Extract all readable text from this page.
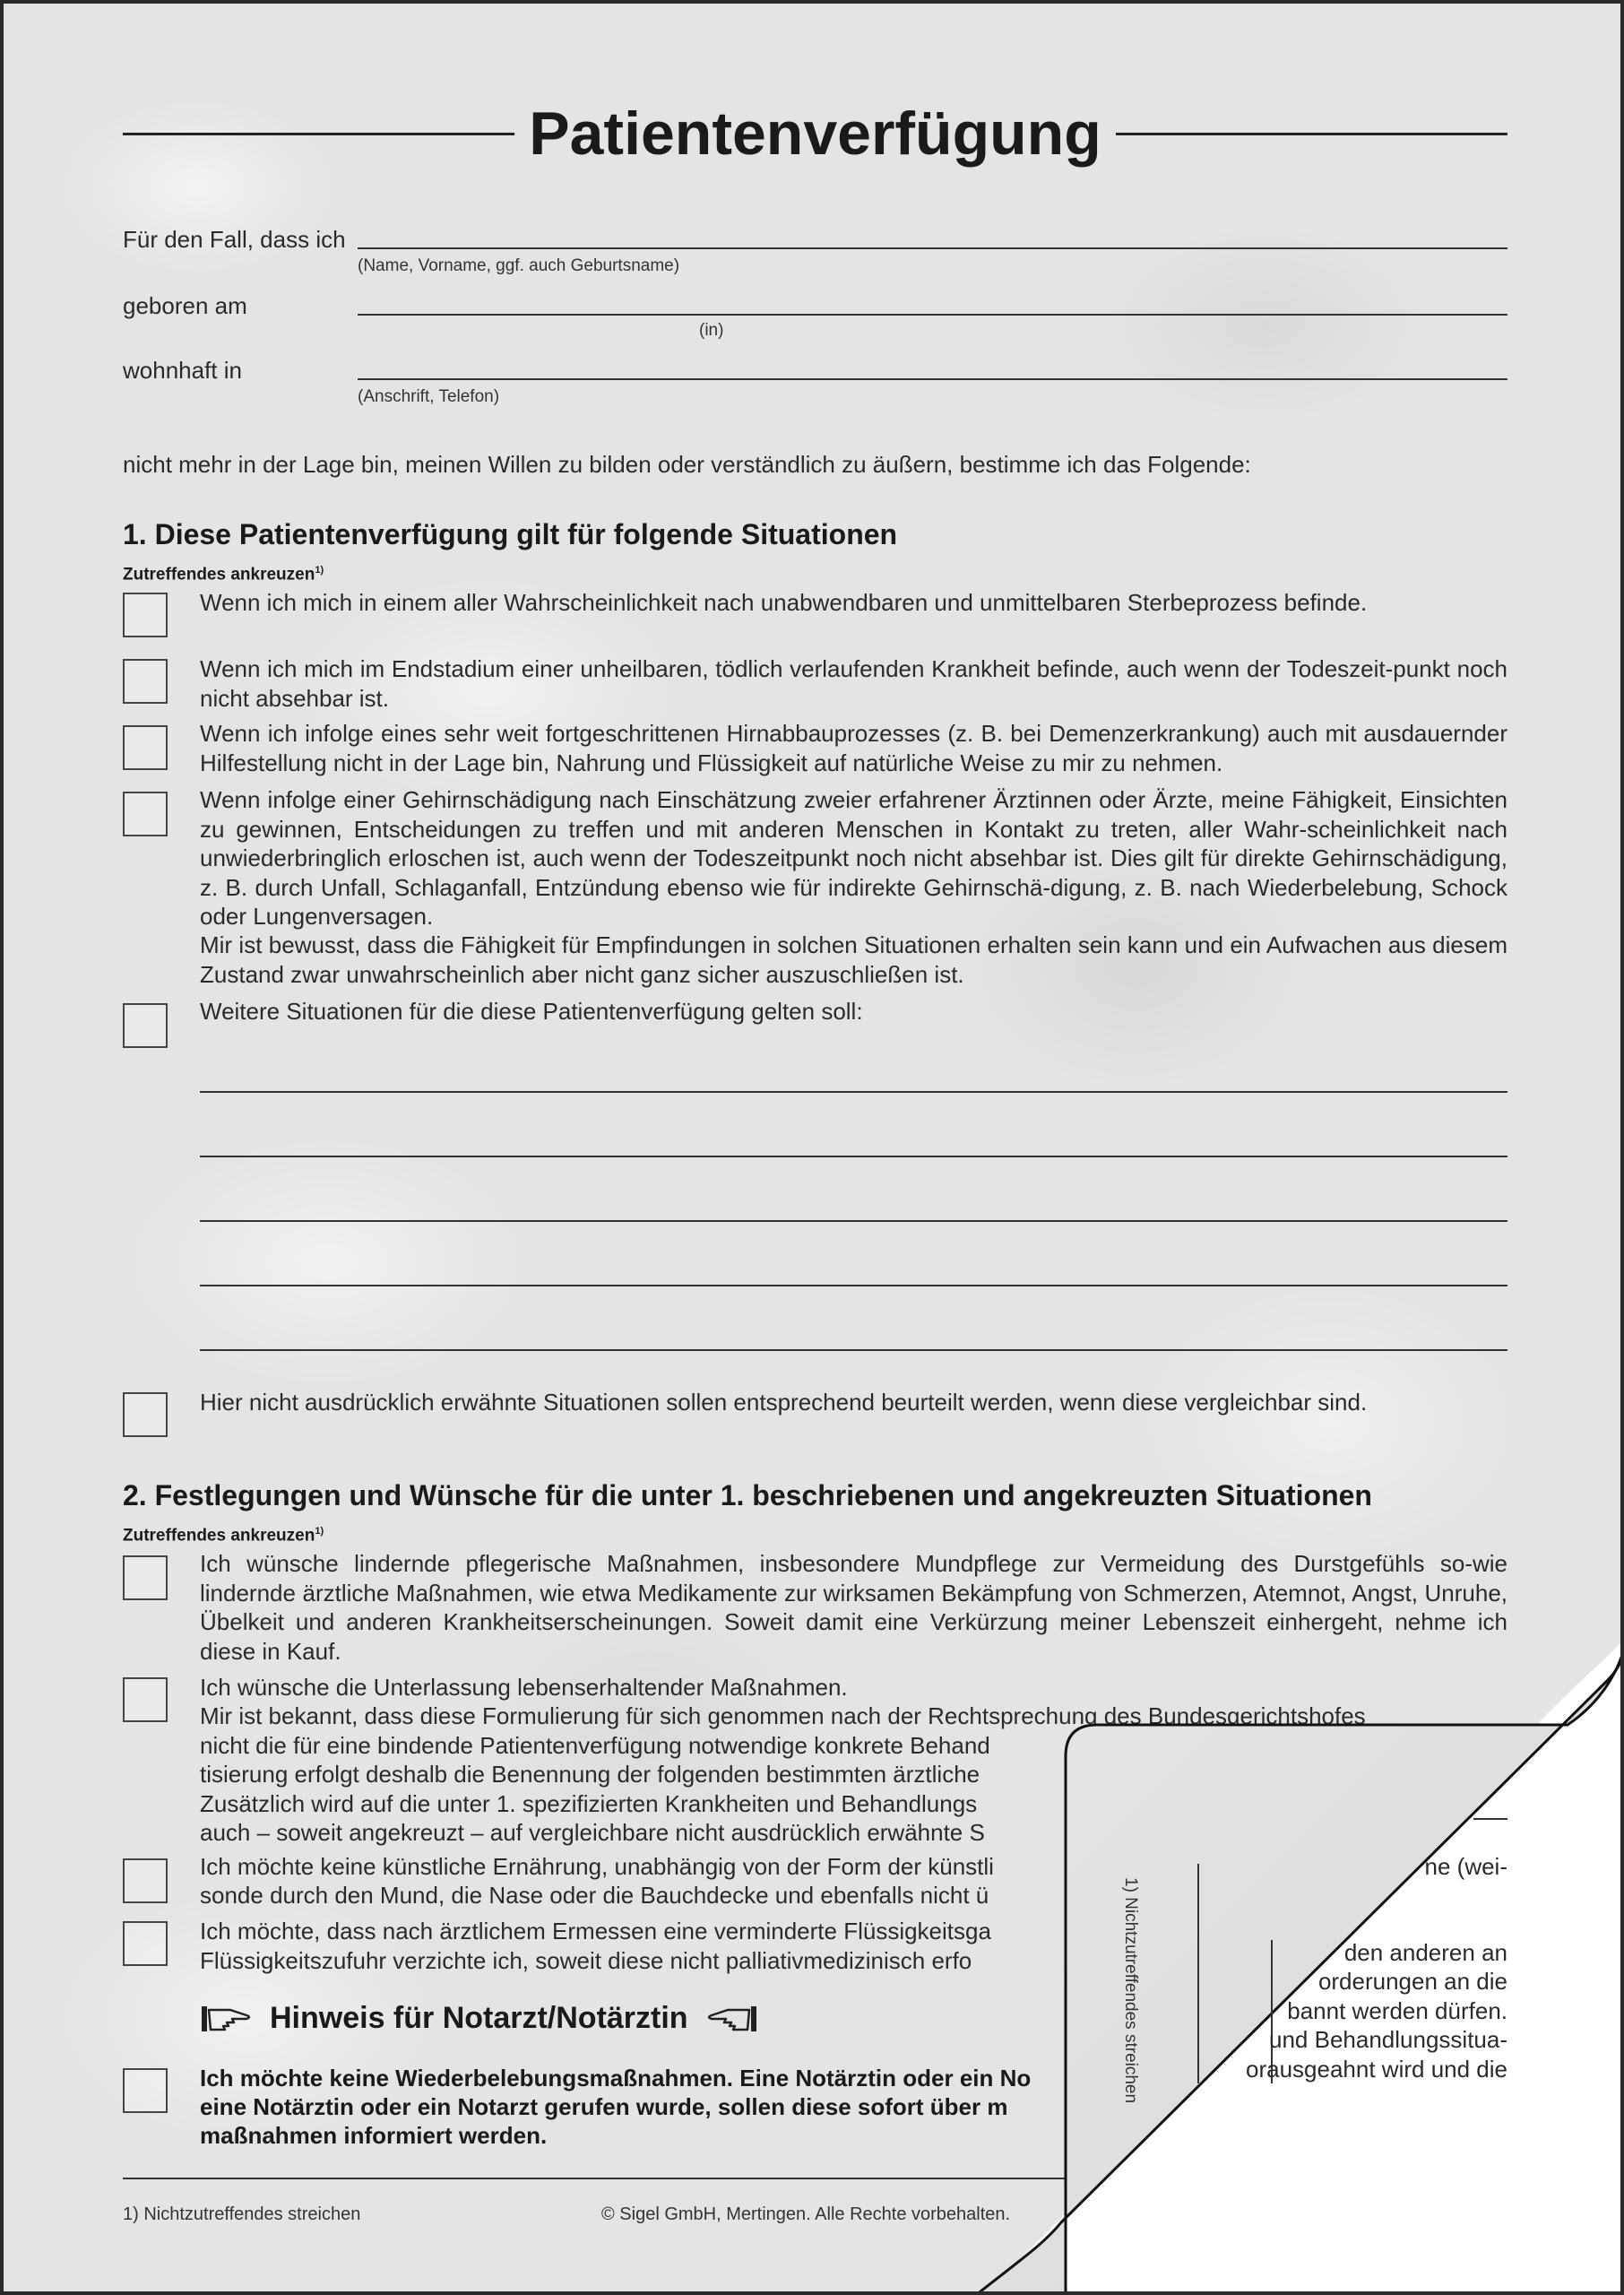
Patientenverfügung
Für den Fall, dass ich
(Name, Vorname, ggf. auch Geburtsname)
geboren am
(in)
wohnhaft in
(Anschrift, Telefon)
nicht mehr in der Lage bin, meinen Willen zu bilden oder verständlich zu äußern, bestimme ich das Folgende:
1. Diese Patientenverfügung gilt für folgende Situationen
Zutreffendes ankreuzen$^{1)}$
Wenn ich mich in einem aller Wahrscheinlichkeit nach unabwendbaren und unmittelbaren Sterbeprozess befinde.
Wenn ich mich im Endstadium einer unheilbaren, tödlich verlaufenden Krankheit befinde, auch wenn der Todeszeit-punkt noch nicht absehbar ist.
Wenn ich infolge eines sehr weit fortgeschrittenen Hirnabbauprozesses (z. B. bei Demenzerkrankung) auch mit ausdauernder Hilfestellung nicht in der Lage bin, Nahrung und Flüssigkeit auf natürliche Weise zu mir zu nehmen.
Wenn infolge einer Gehirnschädigung nach Einschätzung zweier erfahrener Ärztinnen oder Ärzte, meine Fähigkeit, Einsichten zu gewinnen, Entscheidungen zu treffen und mit anderen Menschen in Kontakt zu treten, aller Wahr-scheinlichkeit nach unwiederbringlich erloschen ist, auch wenn der Todeszeitpunkt noch nicht absehbar ist. Dies gilt für direkte Gehirnschädigung, z. B. durch Unfall, Schlaganfall, Entzündung ebenso wie für indirekte Gehirnschä-digung, z. B. nach Wiederbelebung, Schock oder Lungenversagen.
Mir ist bewusst, dass die Fähigkeit für Empfindungen in solchen Situationen erhalten sein kann und ein Aufwachen aus diesem Zustand zwar unwahrscheinlich aber nicht ganz sicher auszuschließen ist.
Weitere Situationen für die diese Patientenverfügung gelten soll:
Hier nicht ausdrücklich erwähnte Situationen sollen entsprechend beurteilt werden, wenn diese vergleichbar sind.
2. Festlegungen und Wünsche für die unter 1. beschriebenen und angekreuzten Situationen
Zutreffendes ankreuzen$^{1)}$
Ich wünsche lindernde pflegerische Maßnahmen, insbesondere Mundpflege zur Vermeidung des Durstgefühls so-wie lindernde ärztliche Maßnahmen, wie etwa Medikamente zur wirksamen Bekämpfung von Schmerzen, Atemnot, Angst, Unruhe, Übelkeit und anderen Krankheitserscheinungen. Soweit damit eine Verkürzung meiner Lebenszeit einhergeht, nehme ich diese in Kauf.
Ich wünsche die Unterlassung lebenserhaltender Maßnahmen.
Mir ist bekannt, dass diese Formulierung für sich genommen nach der Rechtsprechung des Bundesgerichtshofes
nicht die für eine bindende Patientenverfügung notwendige konkrete Behand
tisierung erfolgt deshalb die Benennung der folgenden bestimmten ärztliche
Zusätzlich wird auf die unter 1. spezifizierten Krankheiten und Behandlungs
auch – soweit angekreuzt – auf vergleichbare nicht ausdrücklich erwähnte S
Ich möchte keine künstliche Ernährung, unabhängig von der Form der künstli
sonde durch den Mund, die Nase oder die Bauchdecke und ebenfalls nicht ü
Ich möchte, dass nach ärztlichem Ermessen eine verminderte Flüssigkeitsga
Flüssigkeitszufuhr verzichte ich, soweit diese nicht palliativmedizinisch erfo
Hinweis für Notarzt/Notärztin
Ich möchte keine Wiederbelebungsmaßnahmen. Eine Notärztin oder ein No
eine Notärztin oder ein Notarzt gerufen wurde, sollen diese sofort über m
maßnahmen informiert werden.
1) Nichtzutreffendes streichen	© Sigel GmbH, Mertingen. Alle Rechte vorbehalten.
1) Nichtzutreffendes streichen
ne (wei-
den anderen an
orderungen an die
bannt werden dürfen.
und Behandlungssitua-
orausgeahnt wird und die
